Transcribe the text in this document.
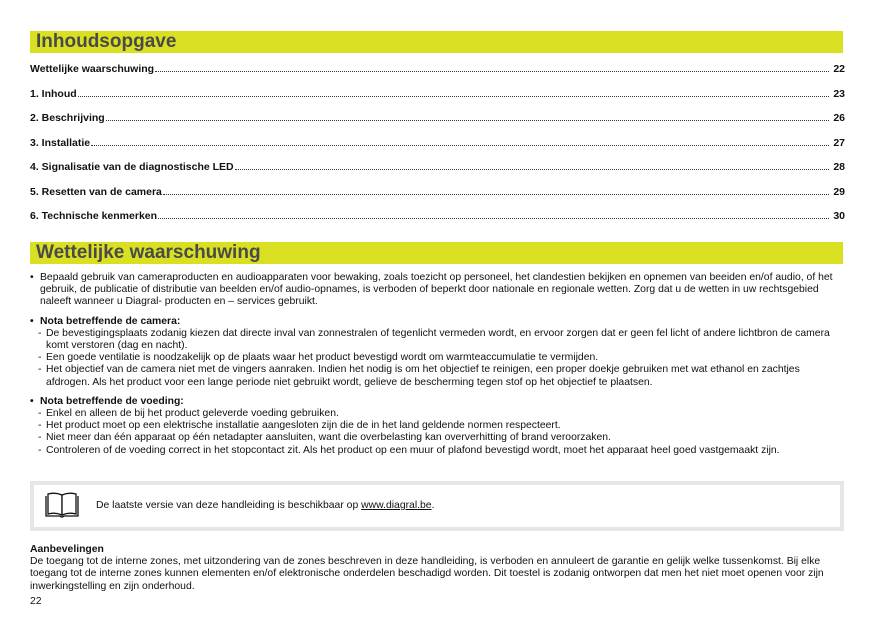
Inhoudsopgave
Wettelijke waarschuwing	22
1. Inhoud	23
2. Beschrijving	26
3. Installatie	27
4. Signalisatie van de diagnostische LED	28
5. Resetten van de camera	29
6. Technische kenmerken	30
Wettelijke waarschuwing

• Bepaald gebruik van cameraproducten en audioapparaten voor bewaking, zoals toezicht op personeel, het clandestien bekijken en opnemen van beeiden en/of audio, of het gebruik, de publicatie of distributie van beelden en/of audio-opnames, is verboden of beperkt door nationale en regionale wetten. Zorg dat u de wetten in uw rechtsgebied naleeft wanneer u Diagral- producten en – services gebruikt.

• Nota betreffende de camera:

- De bevestigingsplaats zodanig kiezen dat directe inval van zonnestralen of tegenlicht vermeden wordt, en ervoor zorgen dat er geen fel licht of andere lichtbron de camera komt verstoren (dag en nacht).

- Een goede ventilatie is noodzakelijk op de plaats waar het product bevestigd wordt om warmteaccumulatie te vermijden.

- Het objectief van de camera niet met de vingers aanraken. Indien het nodig is om het objectief te reinigen, een proper doekje gebruiken met wat ethanol en zachtjes afdrogen. Als het product voor een lange periode niet gebruikt wordt, gelieve de bescherming tegen stof op het objectief te plaatsen.

• Nota betreffende de voeding:

- Enkel en alleen de bij het product geleverde voeding gebruiken.

- Het product moet op een elektrische installatie aangesloten zijn die de in het land geldende normen respecteert.

- Niet meer dan één apparaat op één netadapter aansluiten, want die overbelasting kan oververhitting of brand veroorzaken.

- Controleren of de voeding correct in het stopcontact zit. Als het product op een muur of plafond bevestigd wordt, moet het apparaat heel goed vastgemaakt zijn.

De laatste versie van deze handleiding is beschikbaar op www.diagral.be.
Aanbevelingen
De toegang tot de interne zones, met uitzondering van de zones beschreven in deze handleiding, is verboden en annuleert de garantie en gelijk welke tussenkomst. Bij elke toegang tot de interne zones kunnen elementen en/of elektronische onderdelen beschadigd worden. Dit toestel is zodanig ontworpen dat men het niet moet openen voor zijn inwerkingstelling en zijn onderhoud.
22
